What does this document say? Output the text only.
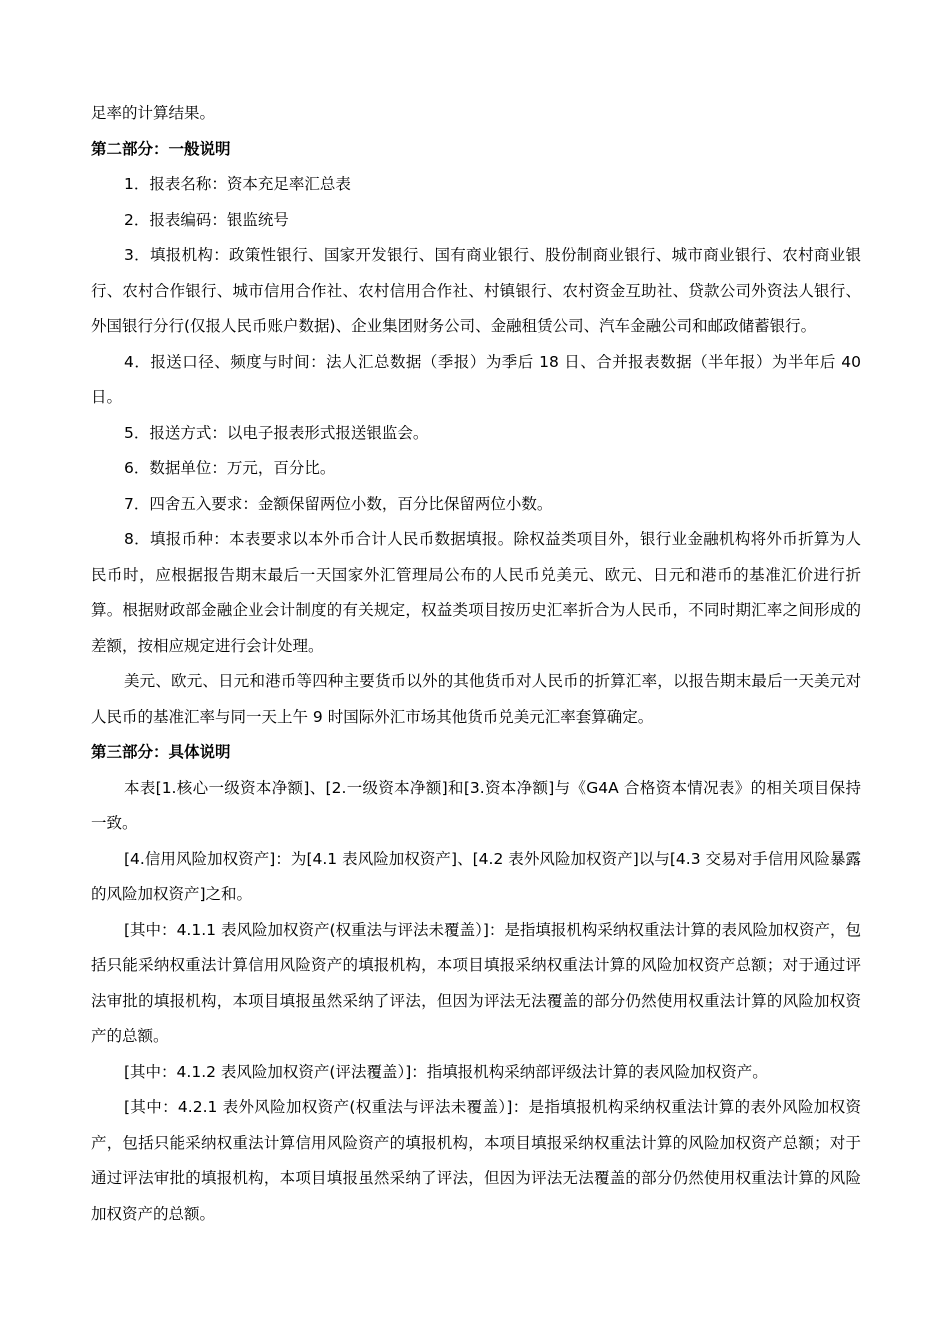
足率的计算结果。

第二部分：一般说明

1．报表名称：资本充足率汇总表

2．报表编码：银监统号

3．填报机构：政策性银行、国家开发银行、国有商业银行、股份制商业银行、城市商业银行、农村商业银行、农村合作银行、城市信用合作社、农村信用合作社、村镇银行、农村资金互助社、贷款公司外资法人银行、外国银行分行(仅报人民币账户数据)、企业集团财务公司、金融租赁公司、汽车金融公司和邮政储蓄银行。

4．报送口径、频度与时间：法人汇总数据（季报）为季后 18 日、合并报表数据（半年报）为半年后 40 日。

5．报送方式：以电子报表形式报送银监会。

6．数据单位：万元，百分比。

7．四舍五入要求：金额保留两位小数，百分比保留两位小数。

8．填报币种：本表要求以本外币合计人民币数据填报。除权益类项目外，银行业金融机构将外币折算为人民币时，应根据报告期末最后一天国家外汇管理局公布的人民币兑美元、欧元、日元和港币的基准汇价进行折算。根据财政部金融企业会计制度的有关规定，权益类项目按历史汇率折合为人民币，不同时期汇率之间形成的差额，按相应规定进行会计处理。

美元、欧元、日元和港币等四种主要货币以外的其他货币对人民币的折算汇率，以报告期末最后一天美元对人民币的基准汇率与同一天上午 9 时国际外汇市场其他货币兑美元汇率套算确定。

第三部分：具体说明

本表[1.核心一级资本净额]、[2.一级资本净额]和[3.资本净额]与《G4A 合格资本情况表》的相关项目保持一致。

[4.信用风险加权资产]：为[4.1 表风险加权资产]、[4.2 表外风险加权资产]以与[4.3 交易对手信用风险暴露的风险加权资产]之和。

[其中：4.1.1 表风险加权资产(权重法与评法未覆盖）]：是指填报机构采纳权重法计算的表风险加权资产，包括只能采纳权重法计算信用风险资产的填报机构，本项目填报采纳权重法计算的风险加权资产总额；对于通过评法审批的填报机构，本项目填报虽然采纳了评法，但因为评法无法覆盖的部分仍然使用权重法计算的风险加权资产的总额。

[其中：4.1.2 表风险加权资产(评法覆盖）]：指填报机构采纳部评级法计算的表风险加权资产。

[其中：4.2.1 表外风险加权资产(权重法与评法未覆盖）]：是指填报机构采纳权重法计算的表外风险加权资产，包括只能采纳权重法计算信用风险资产的填报机构，本项目填报采纳权重法计算的风险加权资产总额；对于通过评法审批的填报机构，本项目填报虽然采纳了评法，但因为评法无法覆盖的部分仍然使用权重法计算的风险加权资产的总额。
